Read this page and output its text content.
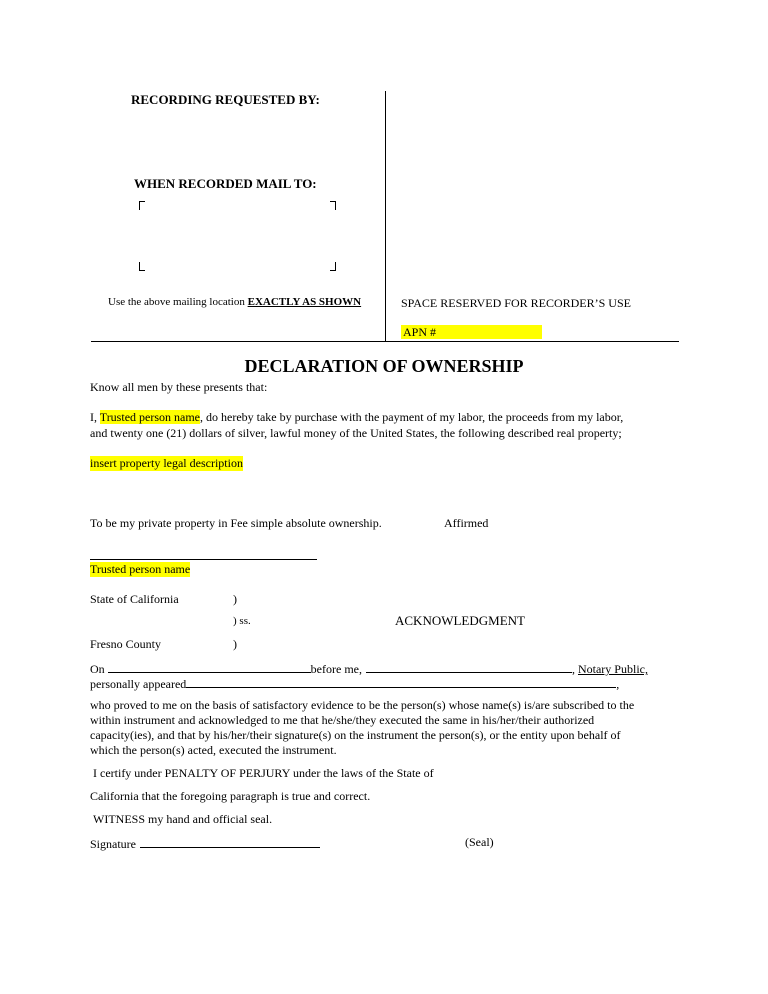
RECORDING REQUESTED BY:
WHEN RECORDED MAIL TO:
Use the above mailing location EXACTLY AS SHOWN	SPACE RESERVED FOR RECORDER’S USE
APN #
DECLARATION OF OWNERSHIP
Know all men by these presents that:
I, Trusted person name, do hereby take by purchase with the payment of my labor, the proceeds from my labor,
and twenty one (21) dollars of silver, lawful money of the United States, the following described real property;
insert property legal description
To be my private property in Fee simple absolute ownership.	Affirmed
Trusted person name
State of California	)
) ss.	ACKNOWLEDGMENT
Fresno County	)
On	before me,	, Notary Public,
personally appeared	,
who proved to me on the basis of satisfactory evidence to be the person(s) whose name(s) is/are subscribed to the
within instrument and acknowledged to me that he/she/they executed the same in his/her/their authorized
capacity(ies), and that by his/her/their signature(s) on the instrument the person(s), or the entity upon behalf of
which the person(s) acted, executed the instrument.
I certify under PENALTY OF PERJURY under the laws of the State of
California that the foregoing paragraph is true and correct.
WITNESS my hand and official seal.
Signature	(Seal)
